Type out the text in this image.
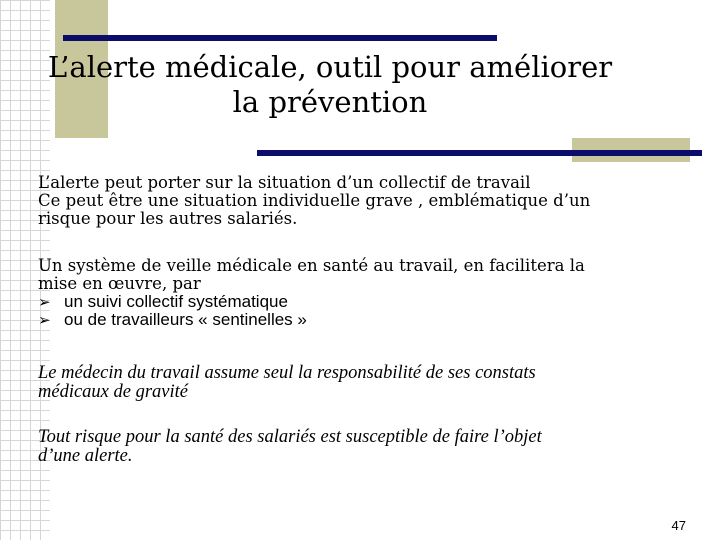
L’alerte médicale, outil pour améliorer
la prévention
L’alerte peut porter sur la situation d’un collectif de travail
Ce peut être une situation individuelle grave , emblématique d’un
risque pour les autres salariés.
Un système de veille médicale en santé au travail, en facilitera la
mise en œuvre, par
➢ un suivi collectif systématique
➢ ou de travailleurs « sentinelles »
Le médecin du travail assume seul la responsabilité de ses constats
médicaux de gravité
Tout risque pour la santé des salariés est susceptible de faire l’objet
d’une alerte.
47
